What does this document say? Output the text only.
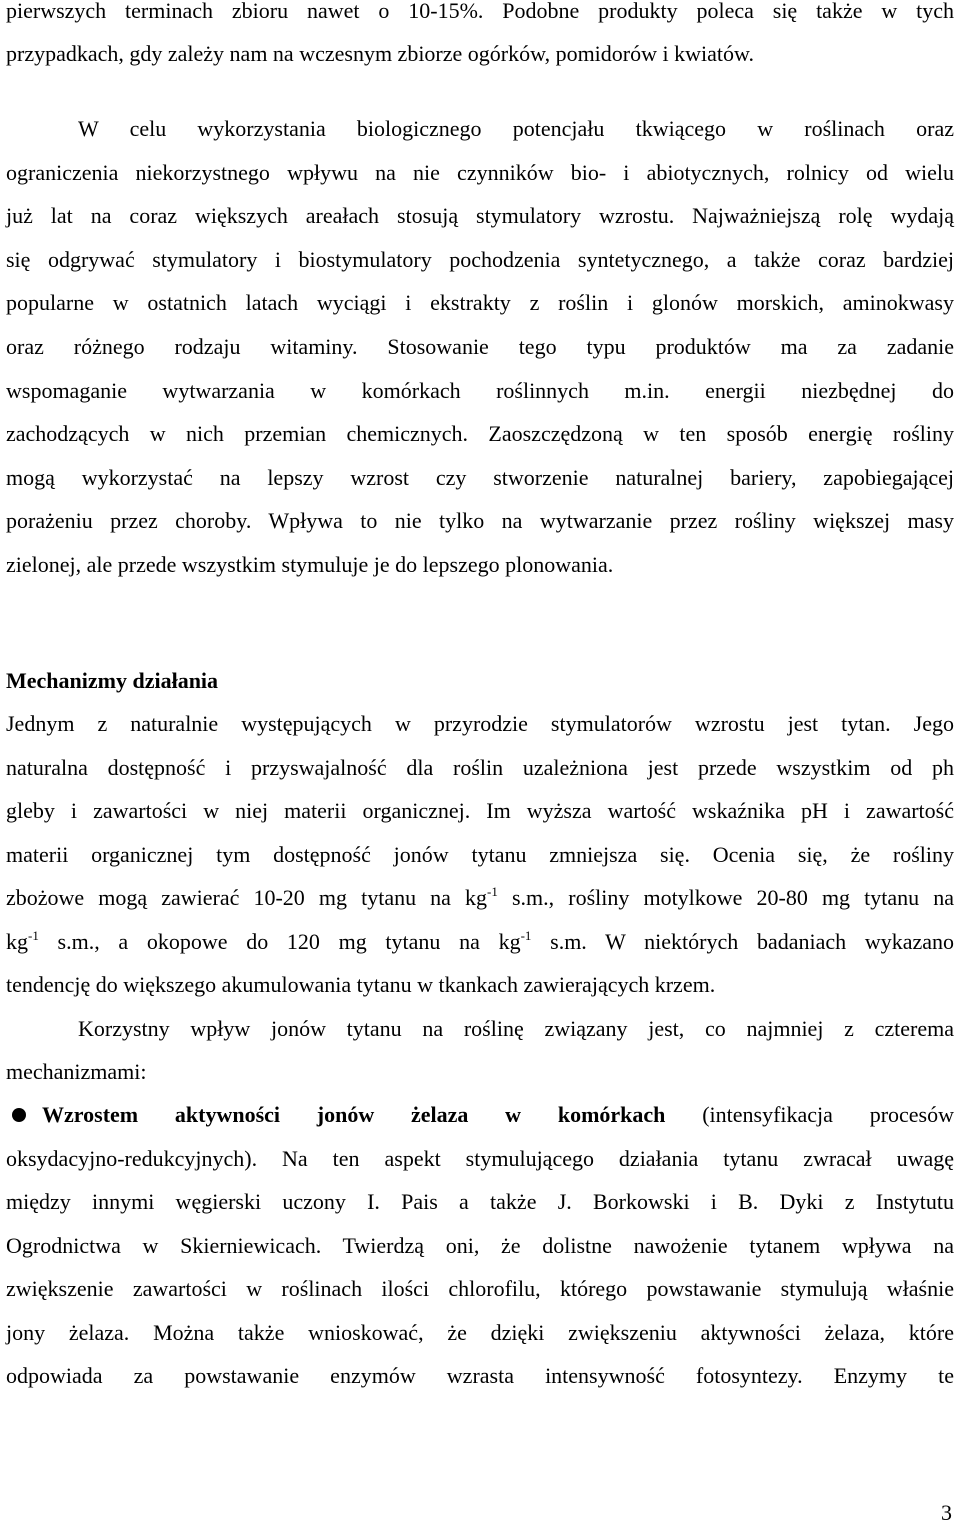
pierwszych terminach zbioru nawet o 10-15%. Podobne produkty poleca się także w tych
przypadkach, gdy zależy nam na wczesnym zbiorze ogórków, pomidorów i kwiatów.
W celu wykorzystania biologicznego potencjału tkwiącego w roślinach oraz
ograniczenia niekorzystnego wpływu na nie czynników bio- i abiotycznych, rolnicy od wielu
już lat na coraz większych areałach stosują stymulatory wzrostu. Najważniejszą rolę wydają
się odgrywać stymulatory i biostymulatory pochodzenia syntetycznego, a także coraz bardziej
popularne w ostatnich latach wyciągi i ekstrakty z roślin i glonów morskich, aminokwasy
oraz różnego rodzaju witaminy. Stosowanie tego typu produktów ma za zadanie
wspomaganie wytwarzania w komórkach roślinnych m.in. energii niezbędnej do
zachodzących w nich przemian chemicznych. Zaoszczędzoną w ten sposób energię rośliny
mogą wykorzystać na lepszy wzrost czy stworzenie naturalnej bariery, zapobiegającej
porażeniu przez choroby. Wpływa to nie tylko na wytwarzanie przez rośliny większej masy
zielonej, ale przede wszystkim stymuluje je do lepszego plonowania.
Mechanizmy działania
Jednym z naturalnie występujących w przyrodzie stymulatorów wzrostu jest tytan. Jego
naturalna dostępność i przyswajalność dla roślin uzależniona jest przede wszystkim od ph
gleby i zawartości w niej materii organicznej. Im wyższa wartość wskaźnika pH i zawartość
materii organicznej tym dostępność jonów tytanu zmniejsza się. Ocenia się, że rośliny
zbożowe mogą zawierać 10-20 mg tytanu na $kg^{-1}$ s.m., rośliny motylkowe 20-80 mg tytanu na
$kg^{-1}$ s.m., a okopowe do 120 mg tytanu na $kg^{-1}$ s.m. W niektórych badaniach wykazano
tendencję do większego akumulowania tytanu w tkankach zawierających krzem.
Korzystny wpływ jonów tytanu na roślinę związany jest, co najmniej z czterema
mechanizmami:
Wzrostem aktywności jonów żelaza w komórkach (intensyfikacja procesów
oksydacyjno-redukcyjnych). Na ten aspekt stymulującego działania tytanu zwracał uwagę
między innymi węgierski uczony I. Pais a także J. Borkowski i B. Dyki z Instytutu
Ogrodnictwa w Skierniewicach. Twierdzą oni, że dolistne nawożenie tytanem wpływa na
zwiększenie zawartości w roślinach ilości chlorofilu, którego powstawanie stymulują właśnie
jony żelaza. Można także wnioskować, że dzięki zwiększeniu aktywności żelaza, które
odpowiada za powstawanie enzymów wzrasta intensywność fotosyntezy. Enzymy te
3
